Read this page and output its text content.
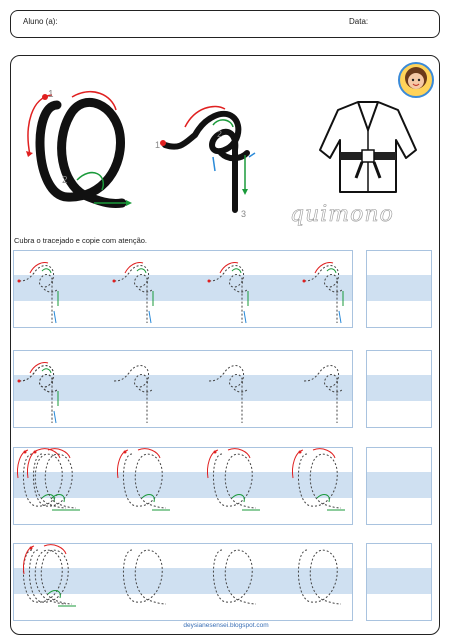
Aluno (a):	Data:
1
2
1
2
3 quimono
Cubra o tracejado e copie com atenção.
deysianesensei.blogspot.com
